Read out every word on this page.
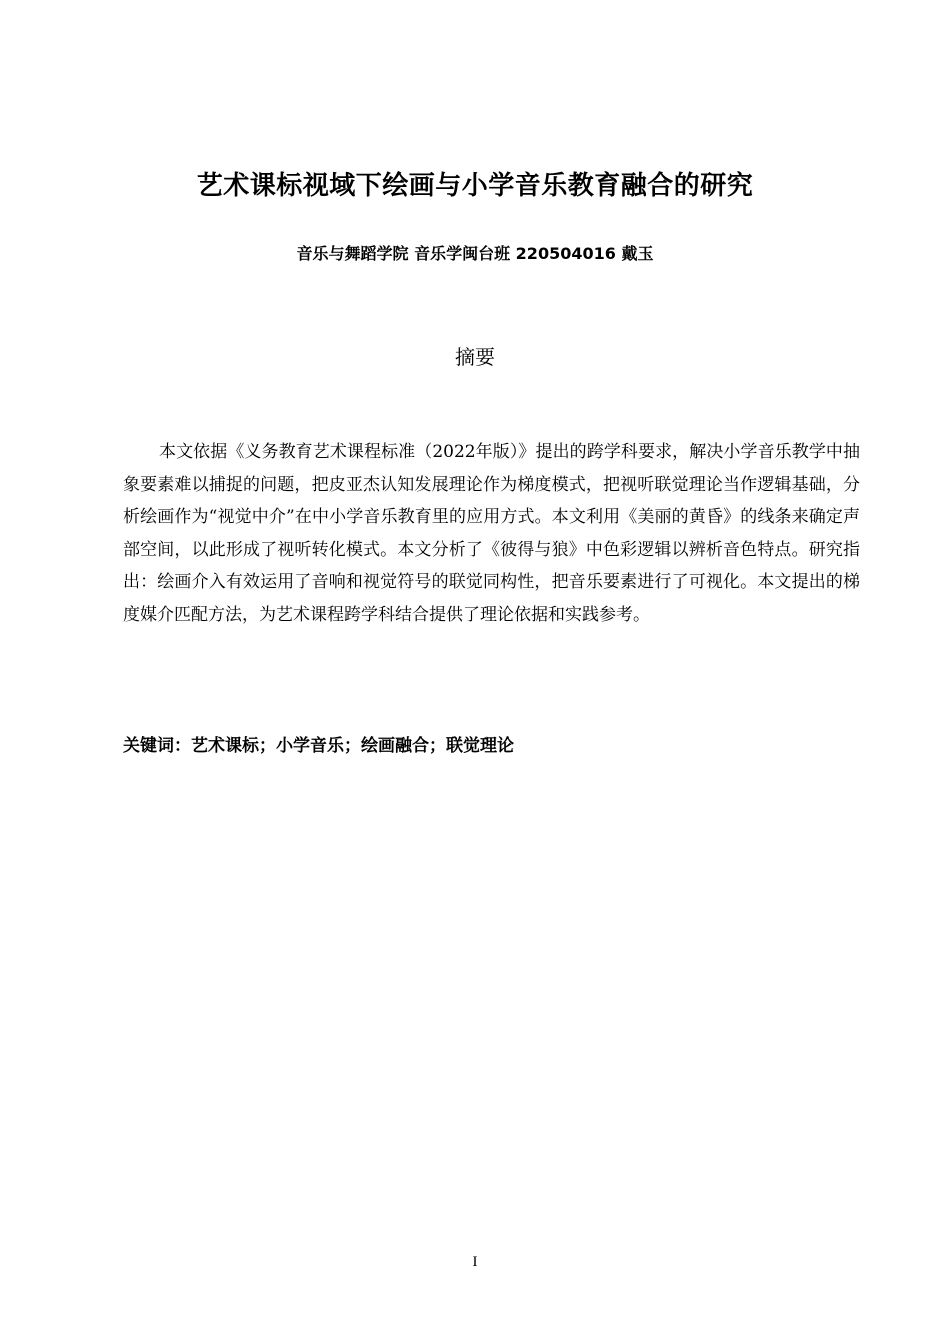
艺术课标视域下绘画与小学音乐教育融合的研究
音乐与舞蹈学院 音乐学闽台班 220504016 戴玉
摘要

本文依据《义务教育艺术课程标准（2022年版）》提出的跨学科要求，解决小学音乐教学中抽象要素难以捕捉的问题，把皮亚杰认知发展理论作为梯度模式，把视听联觉理论当作逻辑基础，分析绘画作为“视觉中介”在中小学音乐教育里的应用方式。本文利用《美丽的黄昏》的线条来确定声部空间，以此形成了视听转化模式。本文分析了《彼得与狼》中色彩逻辑以辨析音色特点。研究指出：绘画介入有效运用了音响和视觉符号的联觉同构性，把音乐要素进行了可视化。本文提出的梯度媒介匹配方法，为艺术课程跨学科结合提供了理论依据和实践参考。

关键词：艺术课标；小学音乐；绘画融合；联觉理论
I
